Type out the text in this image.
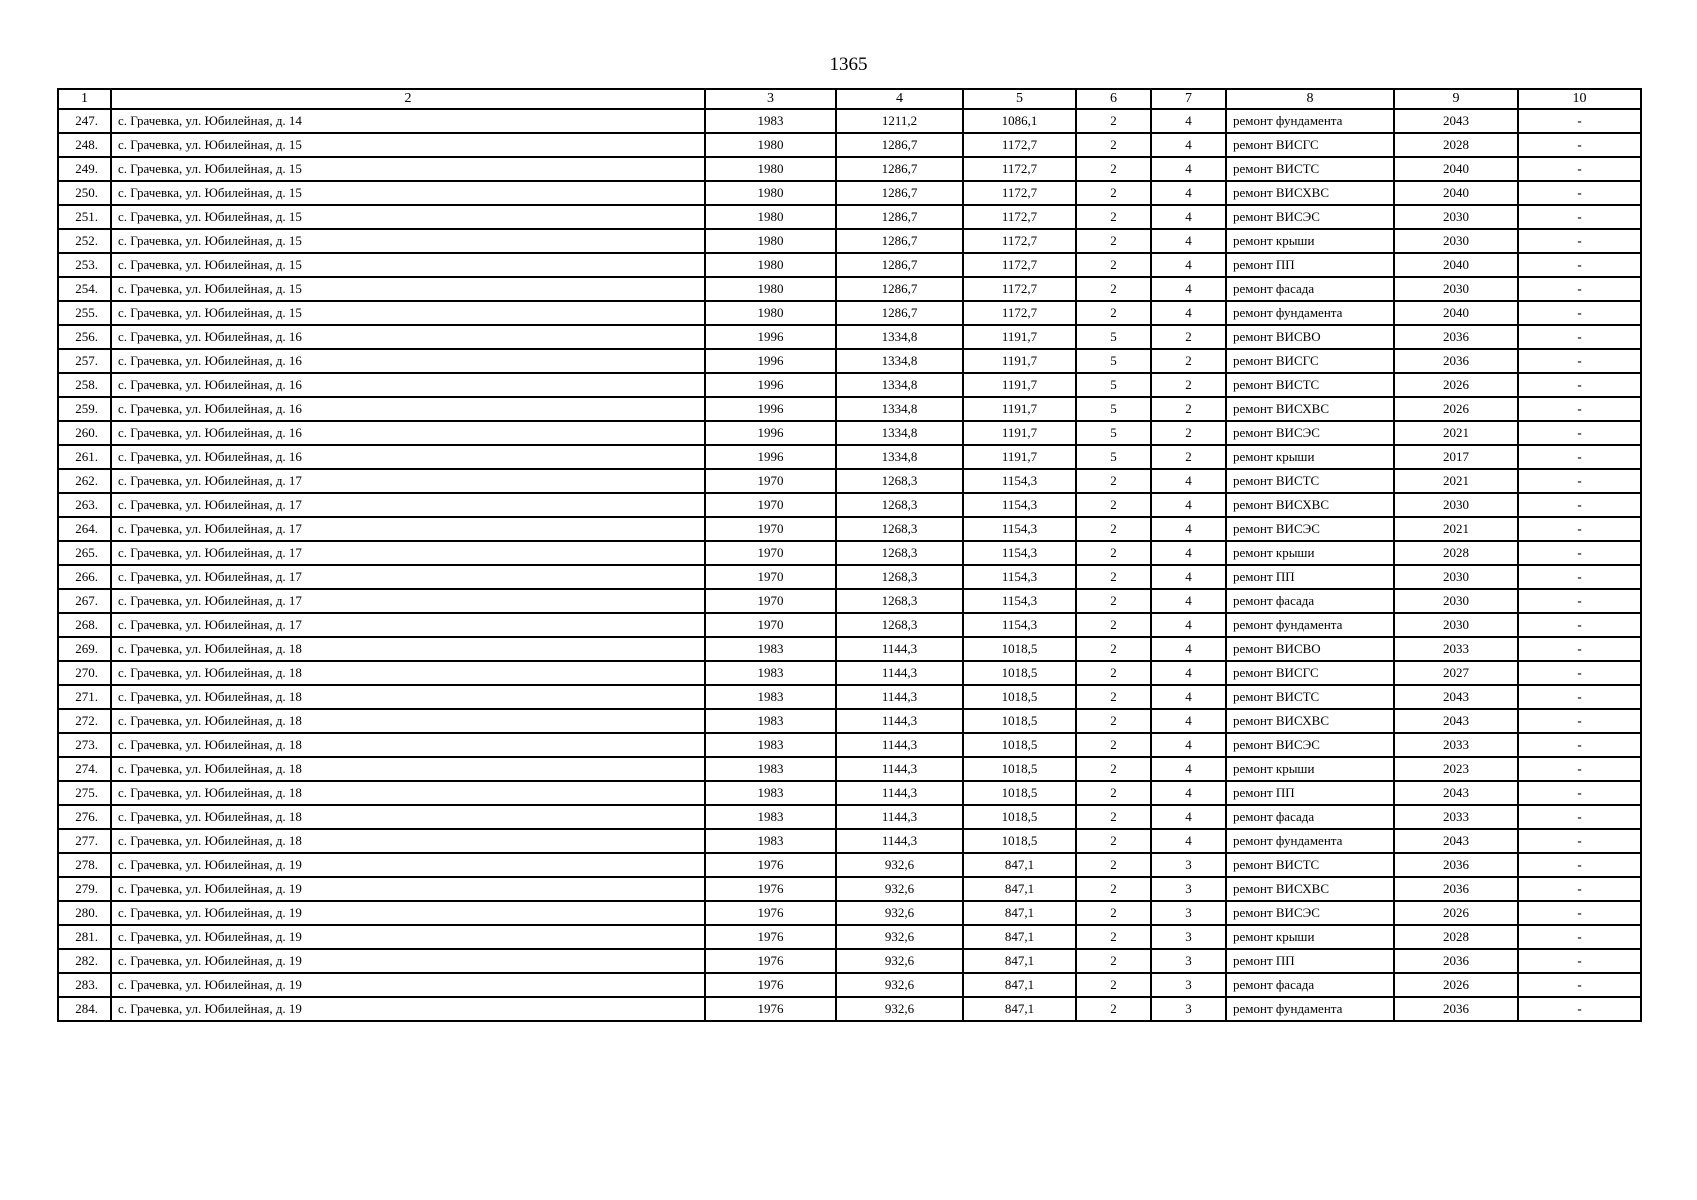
1365
1	2	3	4	5	6	7	8	9	10
247.	с. Грачевка, ул. Юбилейная, д. 14	1983	1211,2	1086,1	2	4	ремонт фундамента	2043	-
248.	с. Грачевка, ул. Юбилейная, д. 15	1980	1286,7	1172,7	2	4	ремонт ВИСГС	2028	-
249.	с. Грачевка, ул. Юбилейная, д. 15	1980	1286,7	1172,7	2	4	ремонт ВИСТС	2040	-
250.	с. Грачевка, ул. Юбилейная, д. 15	1980	1286,7	1172,7	2	4	ремонт ВИСХВС	2040	-
251.	с. Грачевка, ул. Юбилейная, д. 15	1980	1286,7	1172,7	2	4	ремонт ВИСЭС	2030	-
252.	с. Грачевка, ул. Юбилейная, д. 15	1980	1286,7	1172,7	2	4	ремонт крыши	2030	-
253.	с. Грачевка, ул. Юбилейная, д. 15	1980	1286,7	1172,7	2	4	ремонт ПП	2040	-
254.	с. Грачевка, ул. Юбилейная, д. 15	1980	1286,7	1172,7	2	4	ремонт фасада	2030	-
255.	с. Грачевка, ул. Юбилейная, д. 15	1980	1286,7	1172,7	2	4	ремонт фундамента	2040	-
256.	с. Грачевка, ул. Юбилейная, д. 16	1996	1334,8	1191,7	5	2	ремонт ВИСВО	2036	-
257.	с. Грачевка, ул. Юбилейная, д. 16	1996	1334,8	1191,7	5	2	ремонт ВИСГС	2036	-
258.	с. Грачевка, ул. Юбилейная, д. 16	1996	1334,8	1191,7	5	2	ремонт ВИСТС	2026	-
259.	с. Грачевка, ул. Юбилейная, д. 16	1996	1334,8	1191,7	5	2	ремонт ВИСХВС	2026	-
260.	с. Грачевка, ул. Юбилейная, д. 16	1996	1334,8	1191,7	5	2	ремонт ВИСЭС	2021	-
261.	с. Грачевка, ул. Юбилейная, д. 16	1996	1334,8	1191,7	5	2	ремонт крыши	2017	-
262.	с. Грачевка, ул. Юбилейная, д. 17	1970	1268,3	1154,3	2	4	ремонт ВИСТС	2021	-
263.	с. Грачевка, ул. Юбилейная, д. 17	1970	1268,3	1154,3	2	4	ремонт ВИСХВС	2030	-
264.	с. Грачевка, ул. Юбилейная, д. 17	1970	1268,3	1154,3	2	4	ремонт ВИСЭС	2021	-
265.	с. Грачевка, ул. Юбилейная, д. 17	1970	1268,3	1154,3	2	4	ремонт крыши	2028	-
266.	с. Грачевка, ул. Юбилейная, д. 17	1970	1268,3	1154,3	2	4	ремонт ПП	2030	-
267.	с. Грачевка, ул. Юбилейная, д. 17	1970	1268,3	1154,3	2	4	ремонт фасада	2030	-
268.	с. Грачевка, ул. Юбилейная, д. 17	1970	1268,3	1154,3	2	4	ремонт фундамента	2030	-
269.	с. Грачевка, ул. Юбилейная, д. 18	1983	1144,3	1018,5	2	4	ремонт ВИСВО	2033	-
270.	с. Грачевка, ул. Юбилейная, д. 18	1983	1144,3	1018,5	2	4	ремонт ВИСГС	2027	-
271.	с. Грачевка, ул. Юбилейная, д. 18	1983	1144,3	1018,5	2	4	ремонт ВИСТС	2043	-
272.	с. Грачевка, ул. Юбилейная, д. 18	1983	1144,3	1018,5	2	4	ремонт ВИСХВС	2043	-
273.	с. Грачевка, ул. Юбилейная, д. 18	1983	1144,3	1018,5	2	4	ремонт ВИСЭС	2033	-
274.	с. Грачевка, ул. Юбилейная, д. 18	1983	1144,3	1018,5	2	4	ремонт крыши	2023	-
275.	с. Грачевка, ул. Юбилейная, д. 18	1983	1144,3	1018,5	2	4	ремонт ПП	2043	-
276.	с. Грачевка, ул. Юбилейная, д. 18	1983	1144,3	1018,5	2	4	ремонт фасада	2033	-
277.	с. Грачевка, ул. Юбилейная, д. 18	1983	1144,3	1018,5	2	4	ремонт фундамента	2043	-
278.	с. Грачевка, ул. Юбилейная, д. 19	1976	932,6	847,1	2	3	ремонт ВИСТС	2036	-
279.	с. Грачевка, ул. Юбилейная, д. 19	1976	932,6	847,1	2	3	ремонт ВИСХВС	2036	-
280.	с. Грачевка, ул. Юбилейная, д. 19	1976	932,6	847,1	2	3	ремонт ВИСЭС	2026	-
281.	с. Грачевка, ул. Юбилейная, д. 19	1976	932,6	847,1	2	3	ремонт крыши	2028	-
282.	с. Грачевка, ул. Юбилейная, д. 19	1976	932,6	847,1	2	3	ремонт ПП	2036	-
283.	с. Грачевка, ул. Юбилейная, д. 19	1976	932,6	847,1	2	3	ремонт фасада	2026	-
284.	с. Грачевка, ул. Юбилейная, д. 19	1976	932,6	847,1	2	3	ремонт фундамента	2036	-
